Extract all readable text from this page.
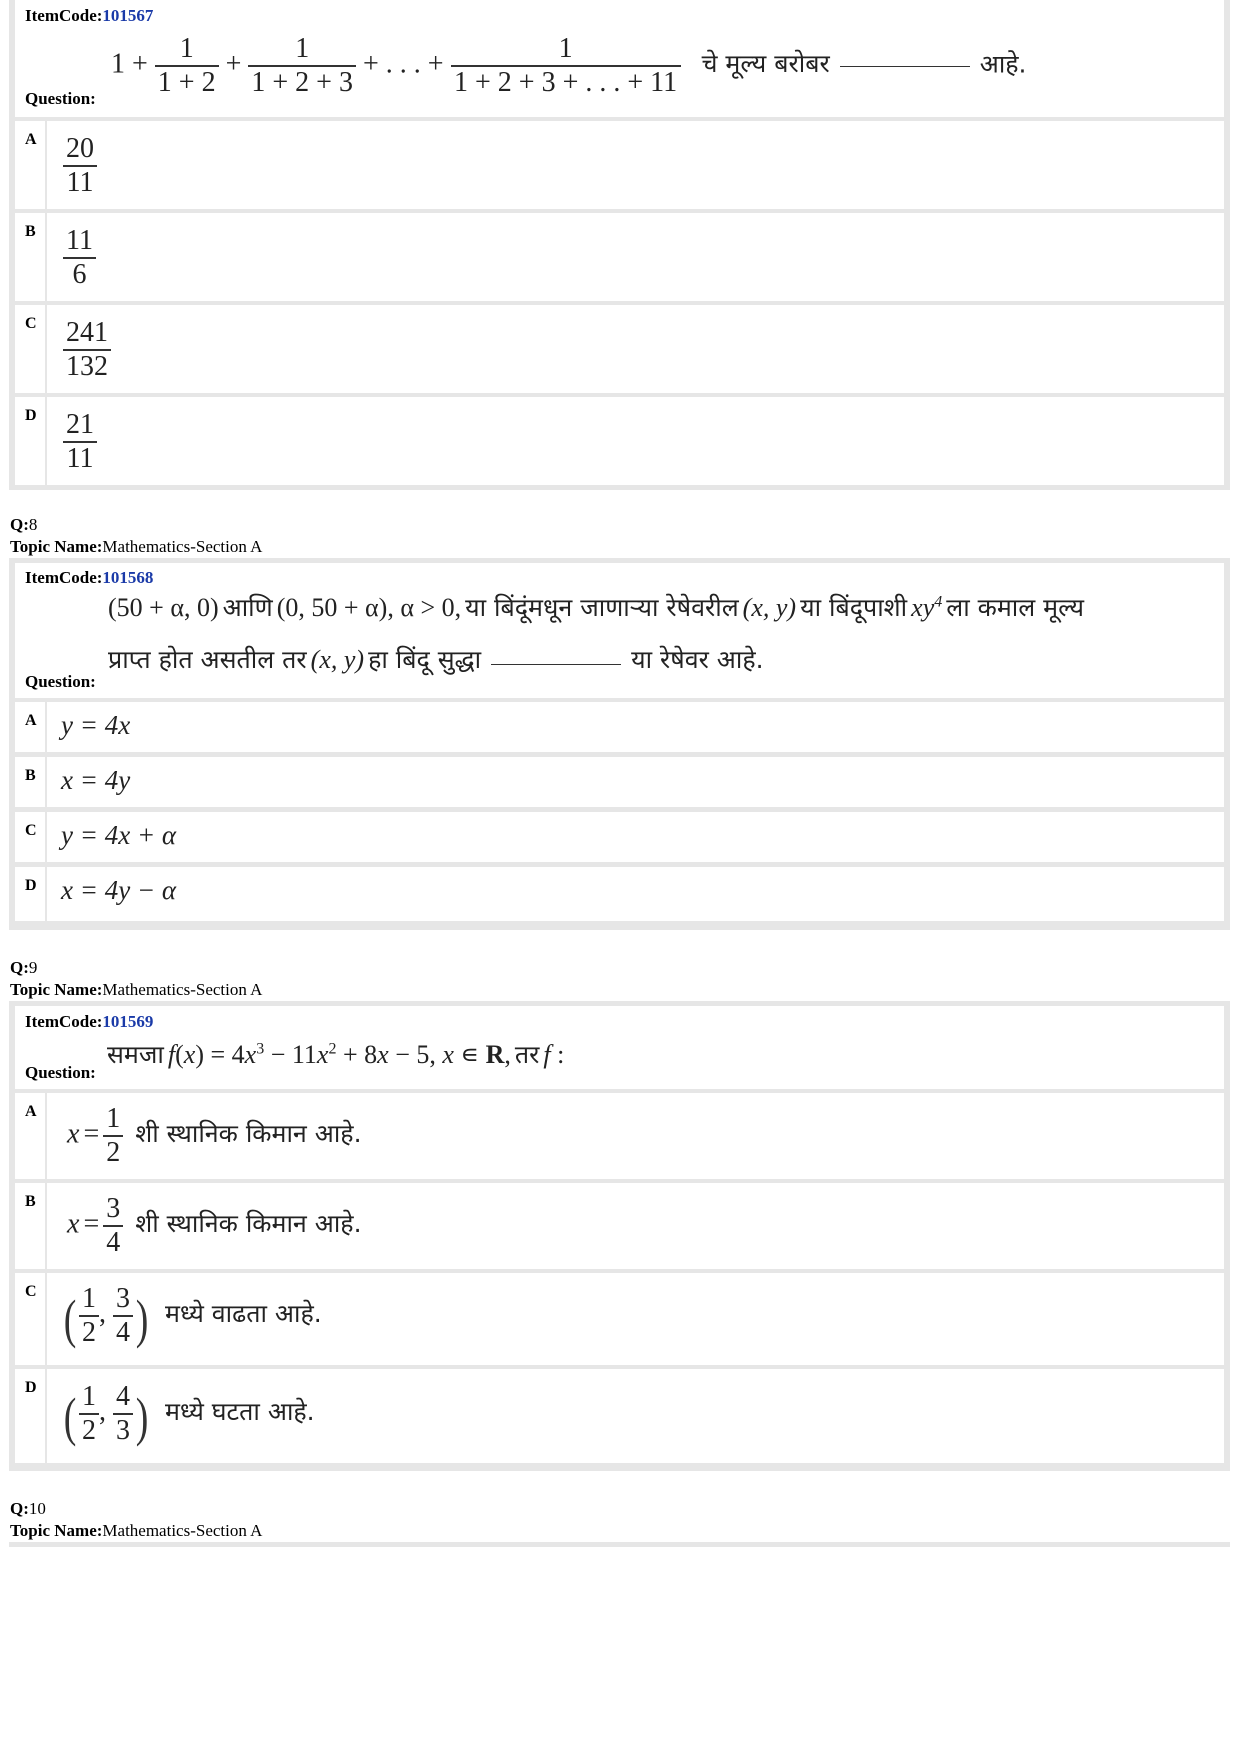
ItemCode:101567
Question:
$1 + \frac{1}{1 + 2} + \frac{1}{1 + 2 + 3}$ + . . . + $\frac{1}{1 + 2 + 3 + . . . + 11}$ चे मूल्य बरोबर	आहे.
A $\frac{20}{11}$
B $\frac{11}{6}$
C $\frac{241}{132}$
D $\frac{21}{11}$
Q:8
Topic Name:Mathematics-Section A
ItemCode:101568
Question:
(50 + α, 0) आणि (0, 50 + α), α > 0, या बिंदूंमधून जाणाऱ्या रेषेवरील (x, y) या बिंदूपाशी $xy^4$ ला कमाल मूल्य
प्राप्त होत असतील तर (x, y) हा बिंदू सुद्धा	या रेषेवर आहे.
A y = 4x
B x = 4y
C y = 4x + α
D x = 4y − α
Q:9
Topic Name:Mathematics-Section A
ItemCode:101569
Question:
समजा $f(x) = 4x^3 - 11x^2 + 8x - 5$, x ∊ R, तर f :
A
$x = \frac{1}{2}$ शी स्थानिक किमान आहे.
B
$x = \frac{3}{4}$ शी स्थानिक किमान आहे.
C ( $\frac{1}{2}$ , $\frac{3}{4}$ ) मध्ये वाढता आहे.
D ( $\frac{1}{2}$ , $\frac{4}{3}$ ) मध्ये घटता आहे.
Q:10
Topic Name:Mathematics-Section A
